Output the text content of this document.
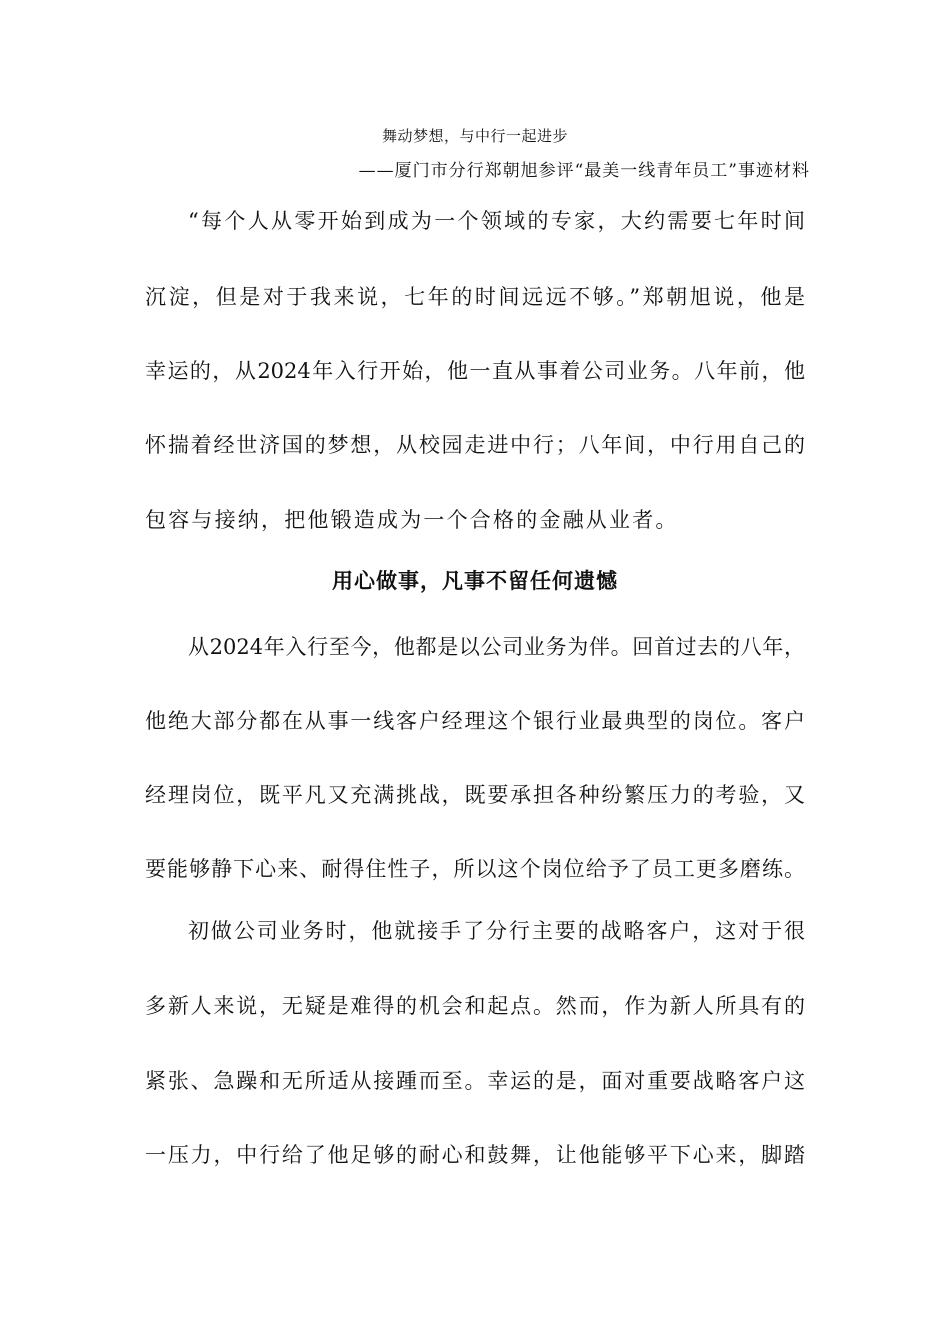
舞动梦想，与中行一起进步
——厦门市分行郑朝旭参评“最美一线青年员工”事迹材料
“每个人从零开始到成为一个领域的专家，大约需要七年时间
沉淀，但是对于我来说，七年的时间远远不够。”郑朝旭说，他是
幸运的，从2024年入行开始，他一直从事着公司业务。八年前，他
怀揣着经世济国的梦想，从校园走进中行；八年间，中行用自己的
包容与接纳，把他锻造成为一个合格的金融从业者。
用心做事，凡事不留任何遗憾
从2024年入行至今，他都是以公司业务为伴。回首过去的八年，
他绝大部分都在从事一线客户经理这个银行业最典型的岗位。客户
经理岗位，既平凡又充满挑战，既要承担各种纷繁压力的考验，又
要能够静下心来、耐得住性子，所以这个岗位给予了员工更多磨练。
初做公司业务时，他就接手了分行主要的战略客户，这对于很
多新人来说，无疑是难得的机会和起点。然而，作为新人所具有的
紧张、急躁和无所适从接踵而至。幸运的是，面对重要战略客户这
一压力，中行给了他足够的耐心和鼓舞，让他能够平下心来，脚踏
